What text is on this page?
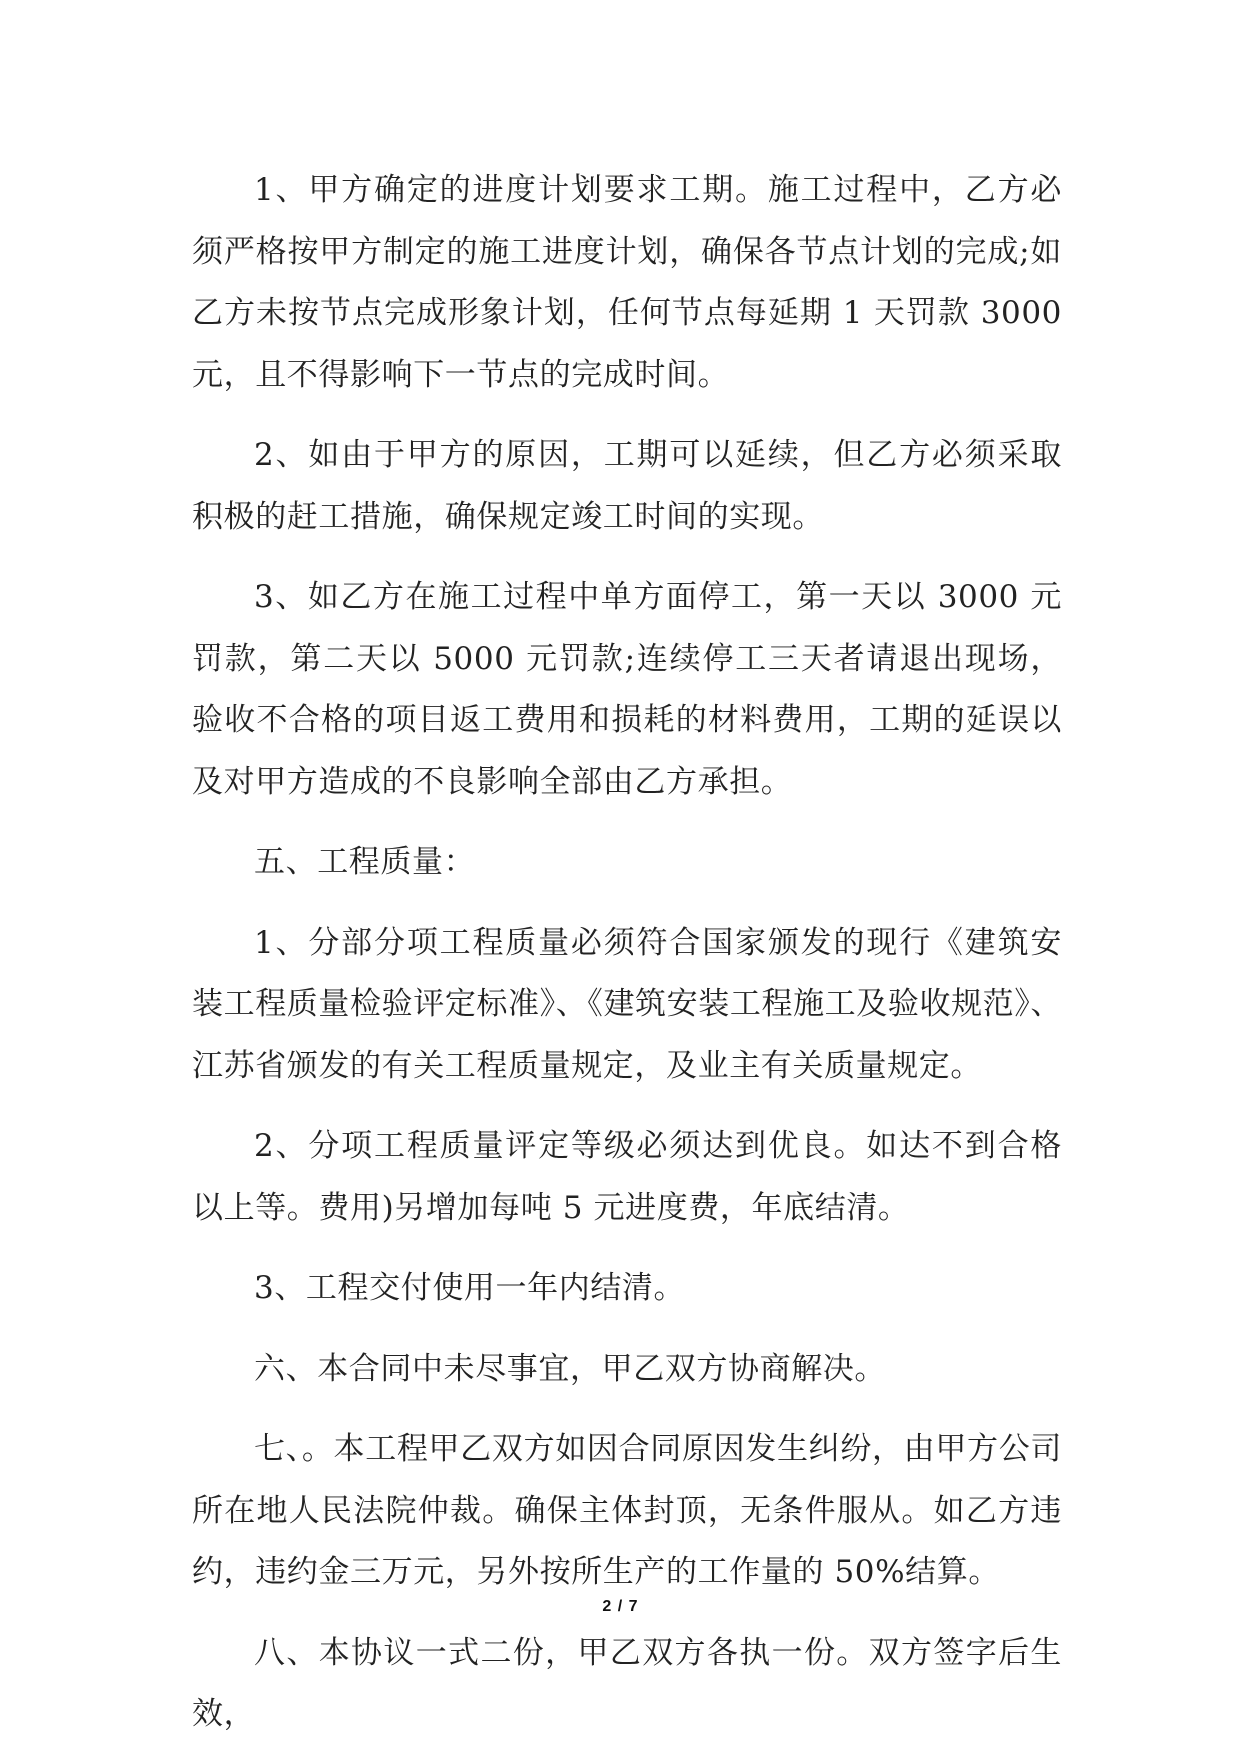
1、甲方确定的进度计划要求工期。施工过程中，乙方必须严格按甲方制定的施工进度计划，确保各节点计划的完成;如乙方未按节点完成形象计划，任何节点每延期 1 天罚款 3000 元，且不得影响下一节点的完成时间。

2、如由于甲方的原因，工期可以延续，但乙方必须采取积极的赶工措施，确保规定竣工时间的实现。

3、如乙方在施工过程中单方面停工，第一天以 3000 元罚款，第二天以 5000 元罚款;连续停工三天者请退出现场，验收不合格的项目返工费用和损耗的材料费用，工期的延误以及对甲方造成的不良影响全部由乙方承担。

五、工程质量：

1、分部分项工程质量必须符合国家颁发的现行《建筑安装工程质量检验评定标准》、《建筑安装工程施工及验收规范》、江苏省颁发的有关工程质量规定，及业主有关质量规定。

2、分项工程质量评定等级必须达到优良。如达不到合格以上等。费用)另增加每吨 5 元进度费，年底结清。

3、工程交付使用一年内结清。

六、本合同中未尽事宜，甲乙双方协商解决。

七、。本工程甲乙双方如因合同原因发生纠纷，由甲方公司所在地人民法院仲裁。确保主体封顶，无条件服从。如乙方违约，违约金三万元，另外按所生产的工作量的 50%结算。

八、本协议一式二份，甲乙双方各执一份。双方签字后生效，

2 / 7
